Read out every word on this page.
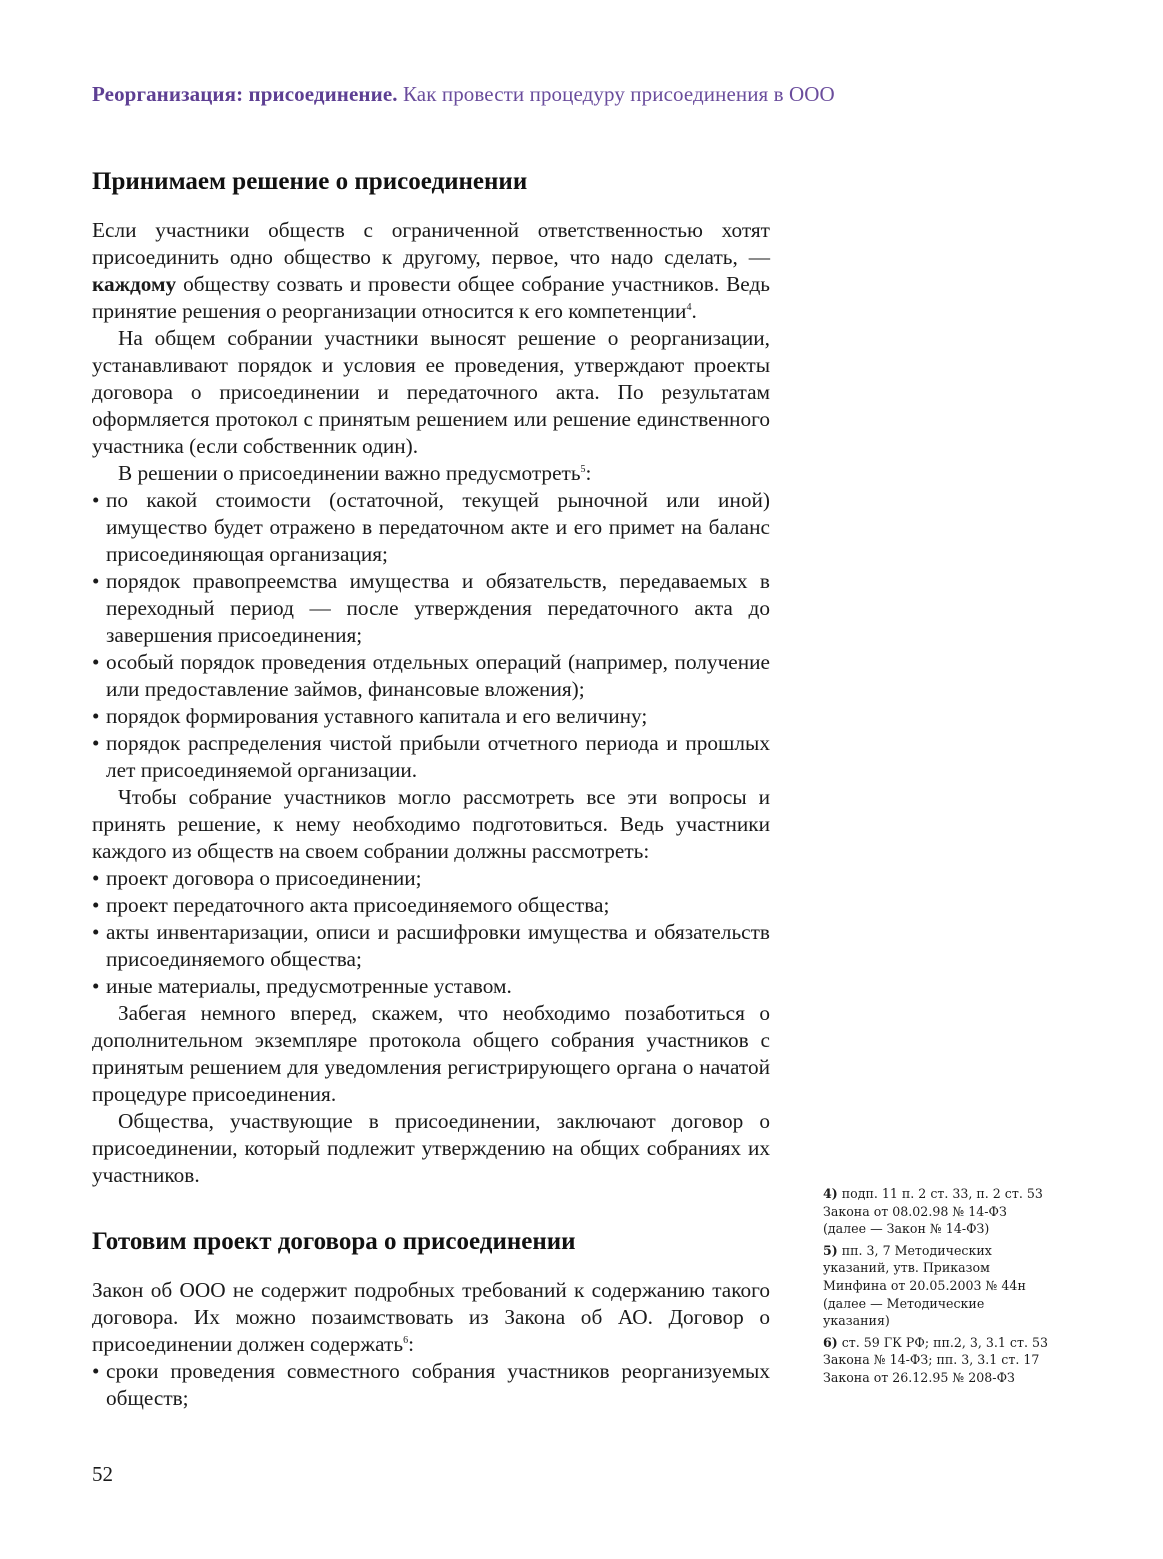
Реорганизация: присоединение. Как провести процедуру присоединения в ООО
Принимаем решение о присоединении

Если участники обществ с ограниченной ответственностью хотят присоединить одно общество к другому, первое, что надо сделать, — каждому обществу созвать и провести общее собрание участников. Ведь принятие решения о реорганизации относится к его компетенции$^4$.

На общем собрании участники выносят решение о реорганизации, устанавливают порядок и условия ее проведения, утверждают проекты договора о присоединении и передаточного акта. По результатам оформляется протокол с принятым решением или решение единственного участника (если собственник один).

В решении о присоединении важно предусмотреть$^5$:

• по какой стоимости (остаточной, текущей рыночной или иной) имущество будет отражено в передаточном акте и его примет на баланс присоединяющая организация;
• порядок правопреемства имущества и обязательств, передаваемых в переходный период — после утверждения передаточного акта до завершения присоединения;
• особый порядок проведения отдельных операций (например, получение или предоставление займов, финансовые вложения);
• порядок формирования уставного капитала и его величину;
• порядок распределения чистой прибыли отчетного периода и прошлых лет присоединяемой организации.

Чтобы собрание участников могло рассмотреть все эти вопросы и принять решение, к нему необходимо подготовиться. Ведь участники каждого из обществ на своем собрании должны рассмотреть:

• проект договора о присоединении;
• проект передаточного акта присоединяемого общества;
• акты инвентаризации, описи и расшифровки имущества и обязательств присоединяемого общества;
• иные материалы, предусмотренные уставом.

Забегая немного вперед, скажем, что необходимо позаботиться о дополнительном экземпляре протокола общего собрания участников с принятым решением для уведомления регистрирующего органа о начатой процедуре присоединения.

Общества, участвующие в присоединении, заключают договор о присоединении, который подлежит утверждению на общих собраниях их участников.

Готовим проект договора о присоединении

Закон об ООО не содержит подробных требований к содержанию такого договора. Их можно позаимствовать из Закона об АО. Договор о присоединении должен содержать$^6$:

• сроки проведения совместного собрания участников реорганизуемых обществ;

4) подп. 11 п. 2 ст. 33, п. 2 ст. 53 Закона от 08.02.98 № 14-ФЗ (далее — Закон № 14-ФЗ)

5) пп. 3, 7 Методических указаний, утв. Приказом Минфина от 20.05.2003 № 44н (далее — Методические указания)

6) ст. 59 ГК РФ; пп.2, 3, 3.1 ст. 53 Закона № 14-ФЗ; пп. 3, 3.1 ст. 17 Закона от 26.12.95 № 208-ФЗ

52
